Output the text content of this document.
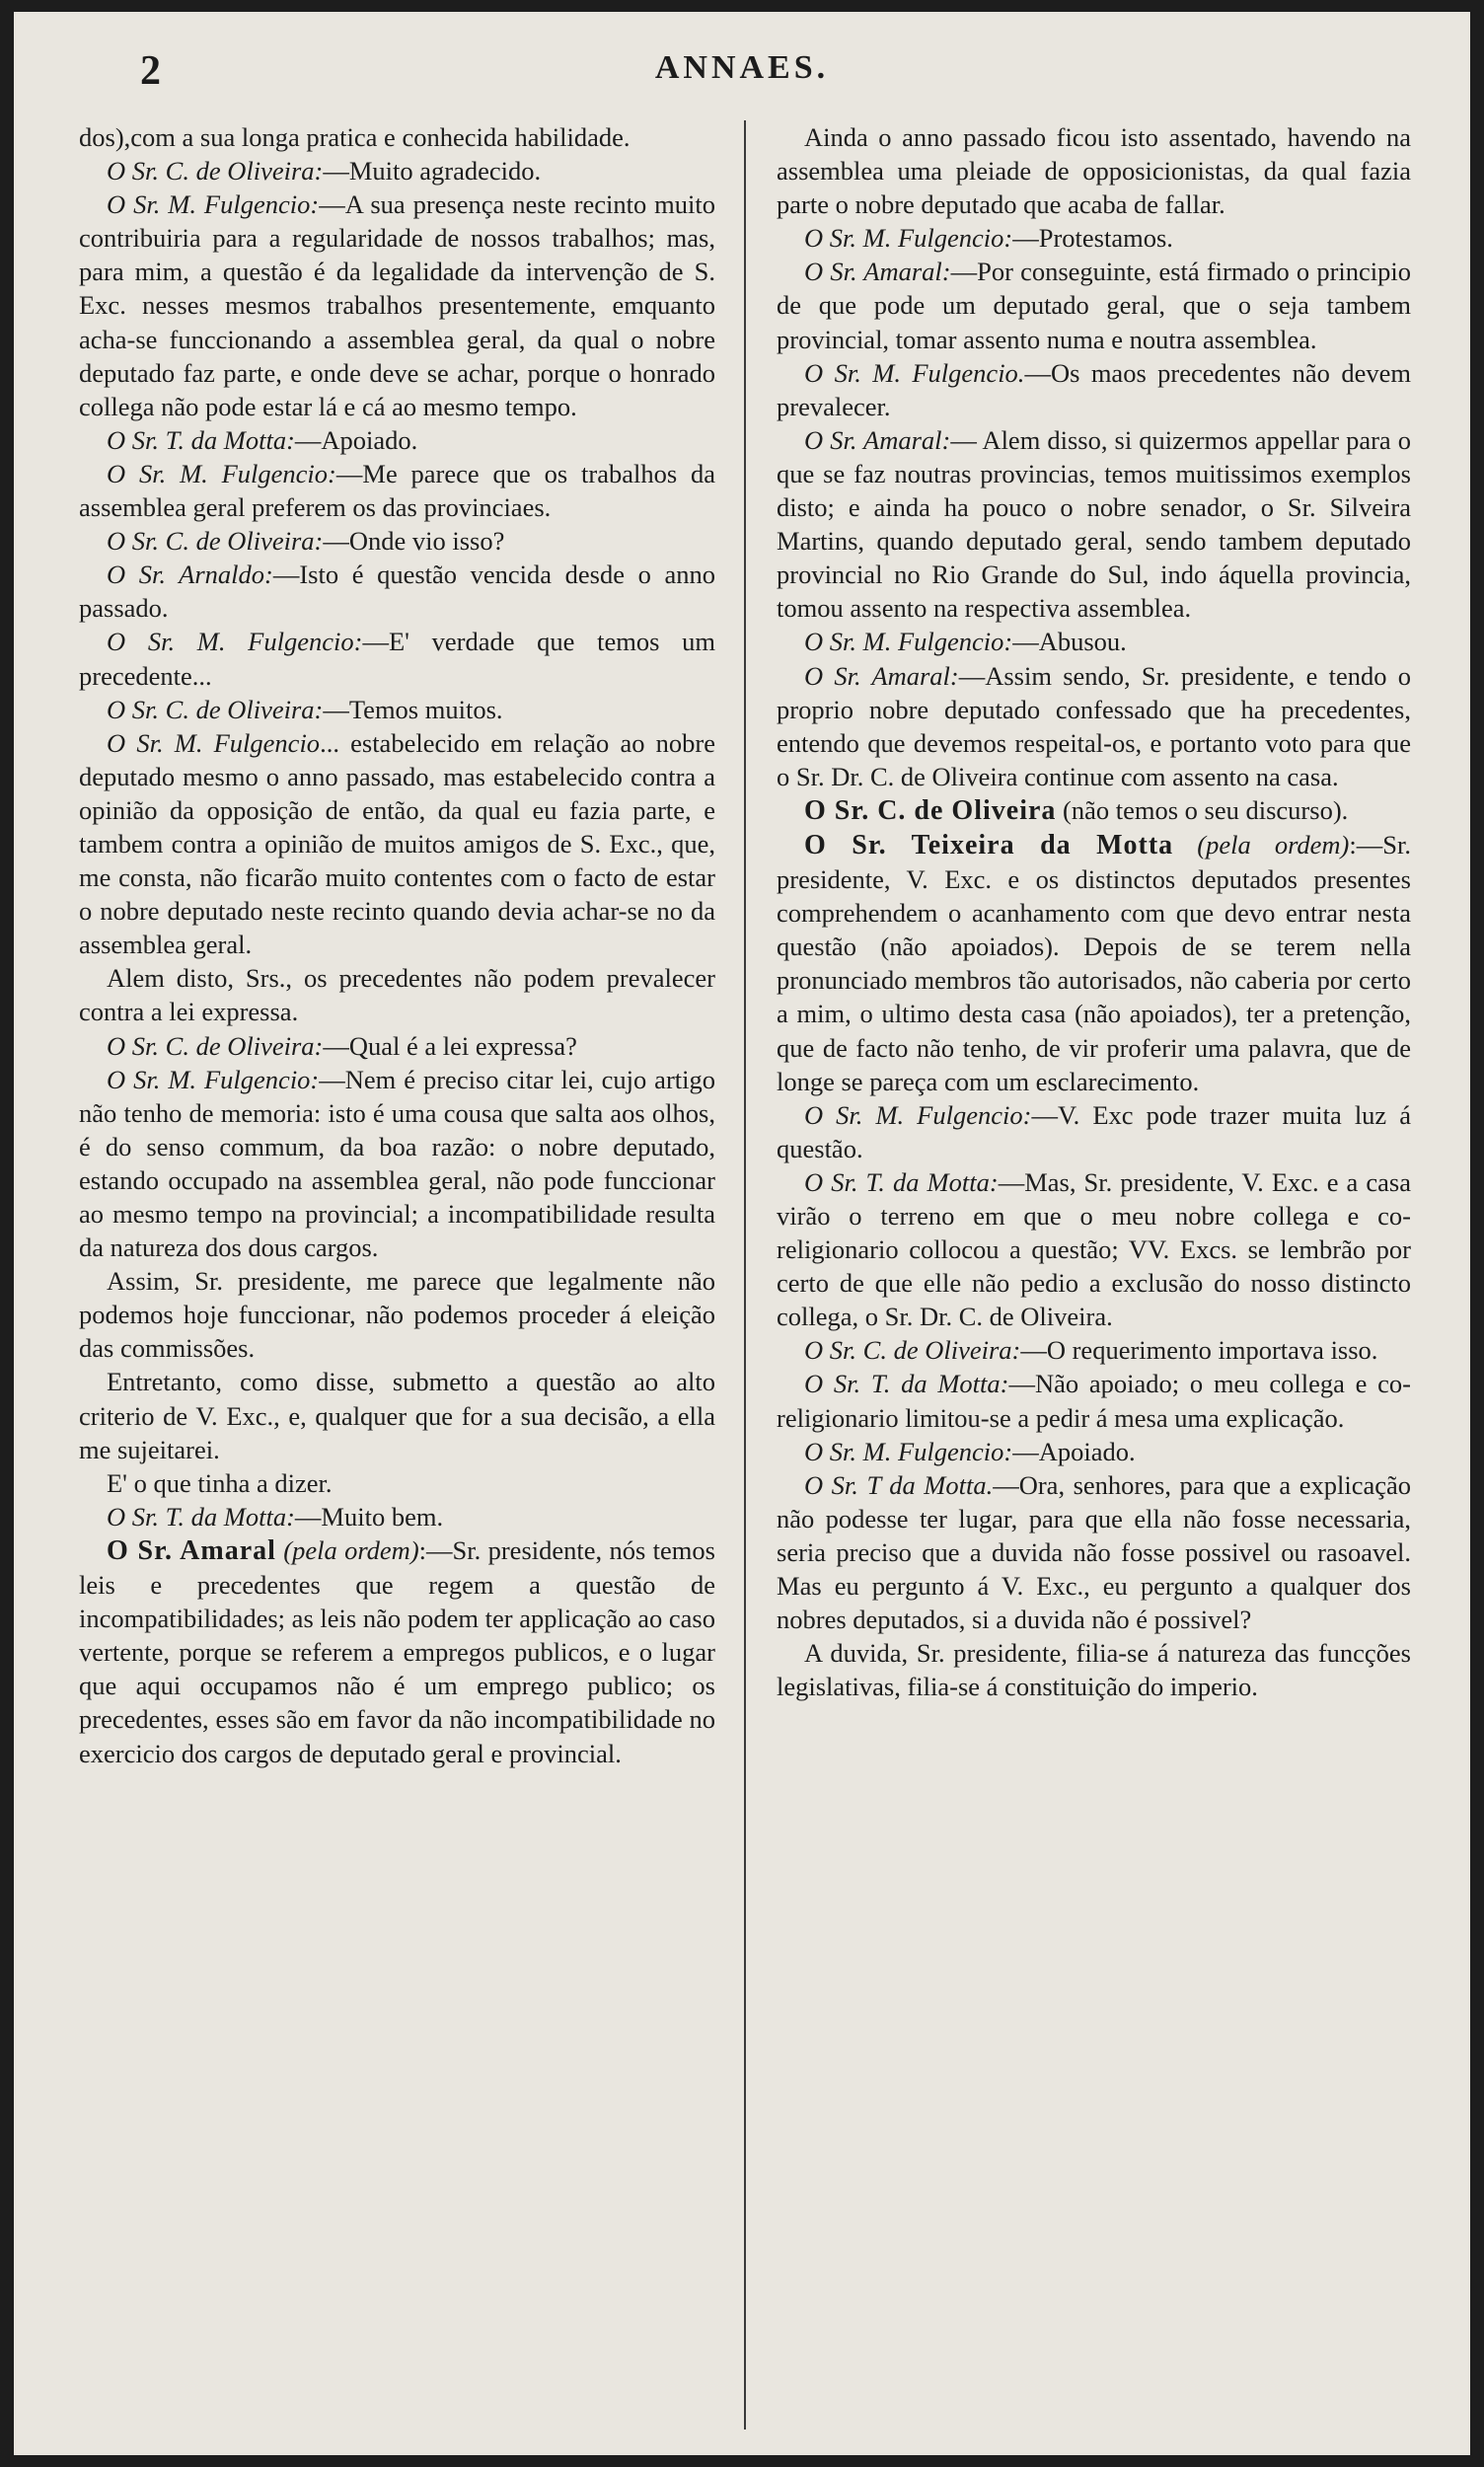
2	ANNAES.

dos),com a sua longa pratica e conhecida habilidade.

O Sr. C. de Oliveira:—Muito agradecido.

O Sr. M. Fulgencio:—A sua presença neste recinto muito contribuiria para a regularidade de nossos trabalhos; mas, para mim, a questão é da legalidade da intervenção de S. Exc. nesses mesmos trabalhos presentemente, emquanto acha-se funccionando a assemblea geral, da qual o nobre deputado faz parte, e onde deve se achar, porque o honrado collega não pode estar lá e cá ao mesmo tempo.

O Sr. T. da Motta:—Apoiado.

O Sr. M. Fulgencio:—Me parece que os trabalhos da assemblea geral preferem os das provinciaes.

O Sr. C. de Oliveira:—Onde vio isso?

O Sr. Arnaldo:—Isto é questão vencida desde o anno passado.

O Sr. M. Fulgencio:—E' verdade que temos um precedente...

O Sr. C. de Oliveira:—Temos muitos.

O Sr. M. Fulgencio... estabelecido em relação ao nobre deputado mesmo o anno passado, mas estabelecido contra a opinião da opposição de então, da qual eu fazia parte, e tambem contra a opinião de muitos amigos de S. Exc., que, me consta, não ficarão muito contentes com o facto de estar o nobre deputado neste recinto quando devia achar-se no da assemblea geral.

Alem disto, Srs., os precedentes não podem prevalecer contra a lei expressa.

O Sr. C. de Oliveira:—Qual é a lei expressa?

O Sr. M. Fulgencio:—Nem é preciso citar lei, cujo artigo não tenho de memoria: isto é uma cousa que salta aos olhos, é do senso commum, da boa razão: o nobre deputado, estando occupado na assemblea geral, não pode funccionar ao mesmo tempo na provincial; a incompatibilidade resulta da natureza dos dous cargos.

Assim, Sr. presidente, me parece que legalmente não podemos hoje funccionar, não podemos proceder á eleição das commissões.

Entretanto, como disse, submetto a questão ao alto criterio de V. Exc., e, qualquer que for a sua decisão, a ella me sujeitarei.

E' o que tinha a dizer.

O Sr. T. da Motta:—Muito bem.

O Sr. Amaral (pela ordem):—Sr. presidente, nós temos leis e precedentes que regem a questão de incompatibilidades; as leis não podem ter applicação ao caso vertente, porque se referem a empregos publicos, e o lugar que aqui occupamos não é um emprego publico; os precedentes, esses são em favor da não incompatibilidade no exercicio dos cargos de deputado geral e provincial.

Ainda o anno passado ficou isto assentado, havendo na assemblea uma pleiade de opposicionistas, da qual fazia parte o nobre deputado que acaba de fallar.

O Sr. M. Fulgencio:—Protestamos.

O Sr. Amaral:—Por conseguinte, está firmado o principio de que pode um deputado geral, que o seja tambem provincial, tomar assento numa e noutra assemblea.

O Sr. M. Fulgencio.—Os maos precedentes não devem prevalecer.

O Sr. Amaral:— Alem disso, si quizermos appellar para o que se faz noutras provincias, temos muitissimos exemplos disto; e ainda ha pouco o nobre senador, o Sr. Silveira Martins, quando deputado geral, sendo tambem deputado provincial no Rio Grande do Sul, indo áquella provincia, tomou assento na respectiva assemblea.

O Sr. M. Fulgencio:—Abusou.

O Sr. Amaral:—Assim sendo, Sr. presidente, e tendo o proprio nobre deputado confessado que ha precedentes, entendo que devemos respeital-os, e portanto voto para que o Sr. Dr. C. de Oliveira continue com assento na casa.

O Sr. C. de Oliveira (não temos o seu discurso).

O Sr. Teixeira da Motta (pela ordem):—Sr. presidente, V. Exc. e os distinctos deputados presentes comprehendem o acanhamento com que devo entrar nesta questão (não apoiados). Depois de se terem nella pronunciado membros tão autorisados, não caberia por certo a mim, o ultimo desta casa (não apoiados), ter a pretenção, que de facto não tenho, de vir proferir uma palavra, que de longe se pareça com um esclarecimento.

O Sr. M. Fulgencio:—V. Exc pode trazer muita luz á questão.

O Sr. T. da Motta:—Mas, Sr. presidente, V. Exc. e a casa virão o terreno em que o meu nobre collega e co-religionario collocou a questão; VV. Excs. se lembrão por certo de que elle não pedio a exclusão do nosso distincto collega, o Sr. Dr. C. de Oliveira.

O Sr. C. de Oliveira:—O requerimento importava isso.

O Sr. T. da Motta:—Não apoiado; o meu collega e co-religionario limitou-se a pedir á mesa uma explicação.

O Sr. M. Fulgencio:—Apoiado.

O Sr. T da Motta.—Ora, senhores, para que a explicação não podesse ter lugar, para que ella não fosse necessaria, seria preciso que a duvida não fosse possivel ou rasoavel. Mas eu pergunto á V. Exc., eu pergunto a qualquer dos nobres deputados, si a duvida não é possivel?

A duvida, Sr. presidente, filia-se á natureza das funcções legislativas, filia-se á constituição do imperio.
